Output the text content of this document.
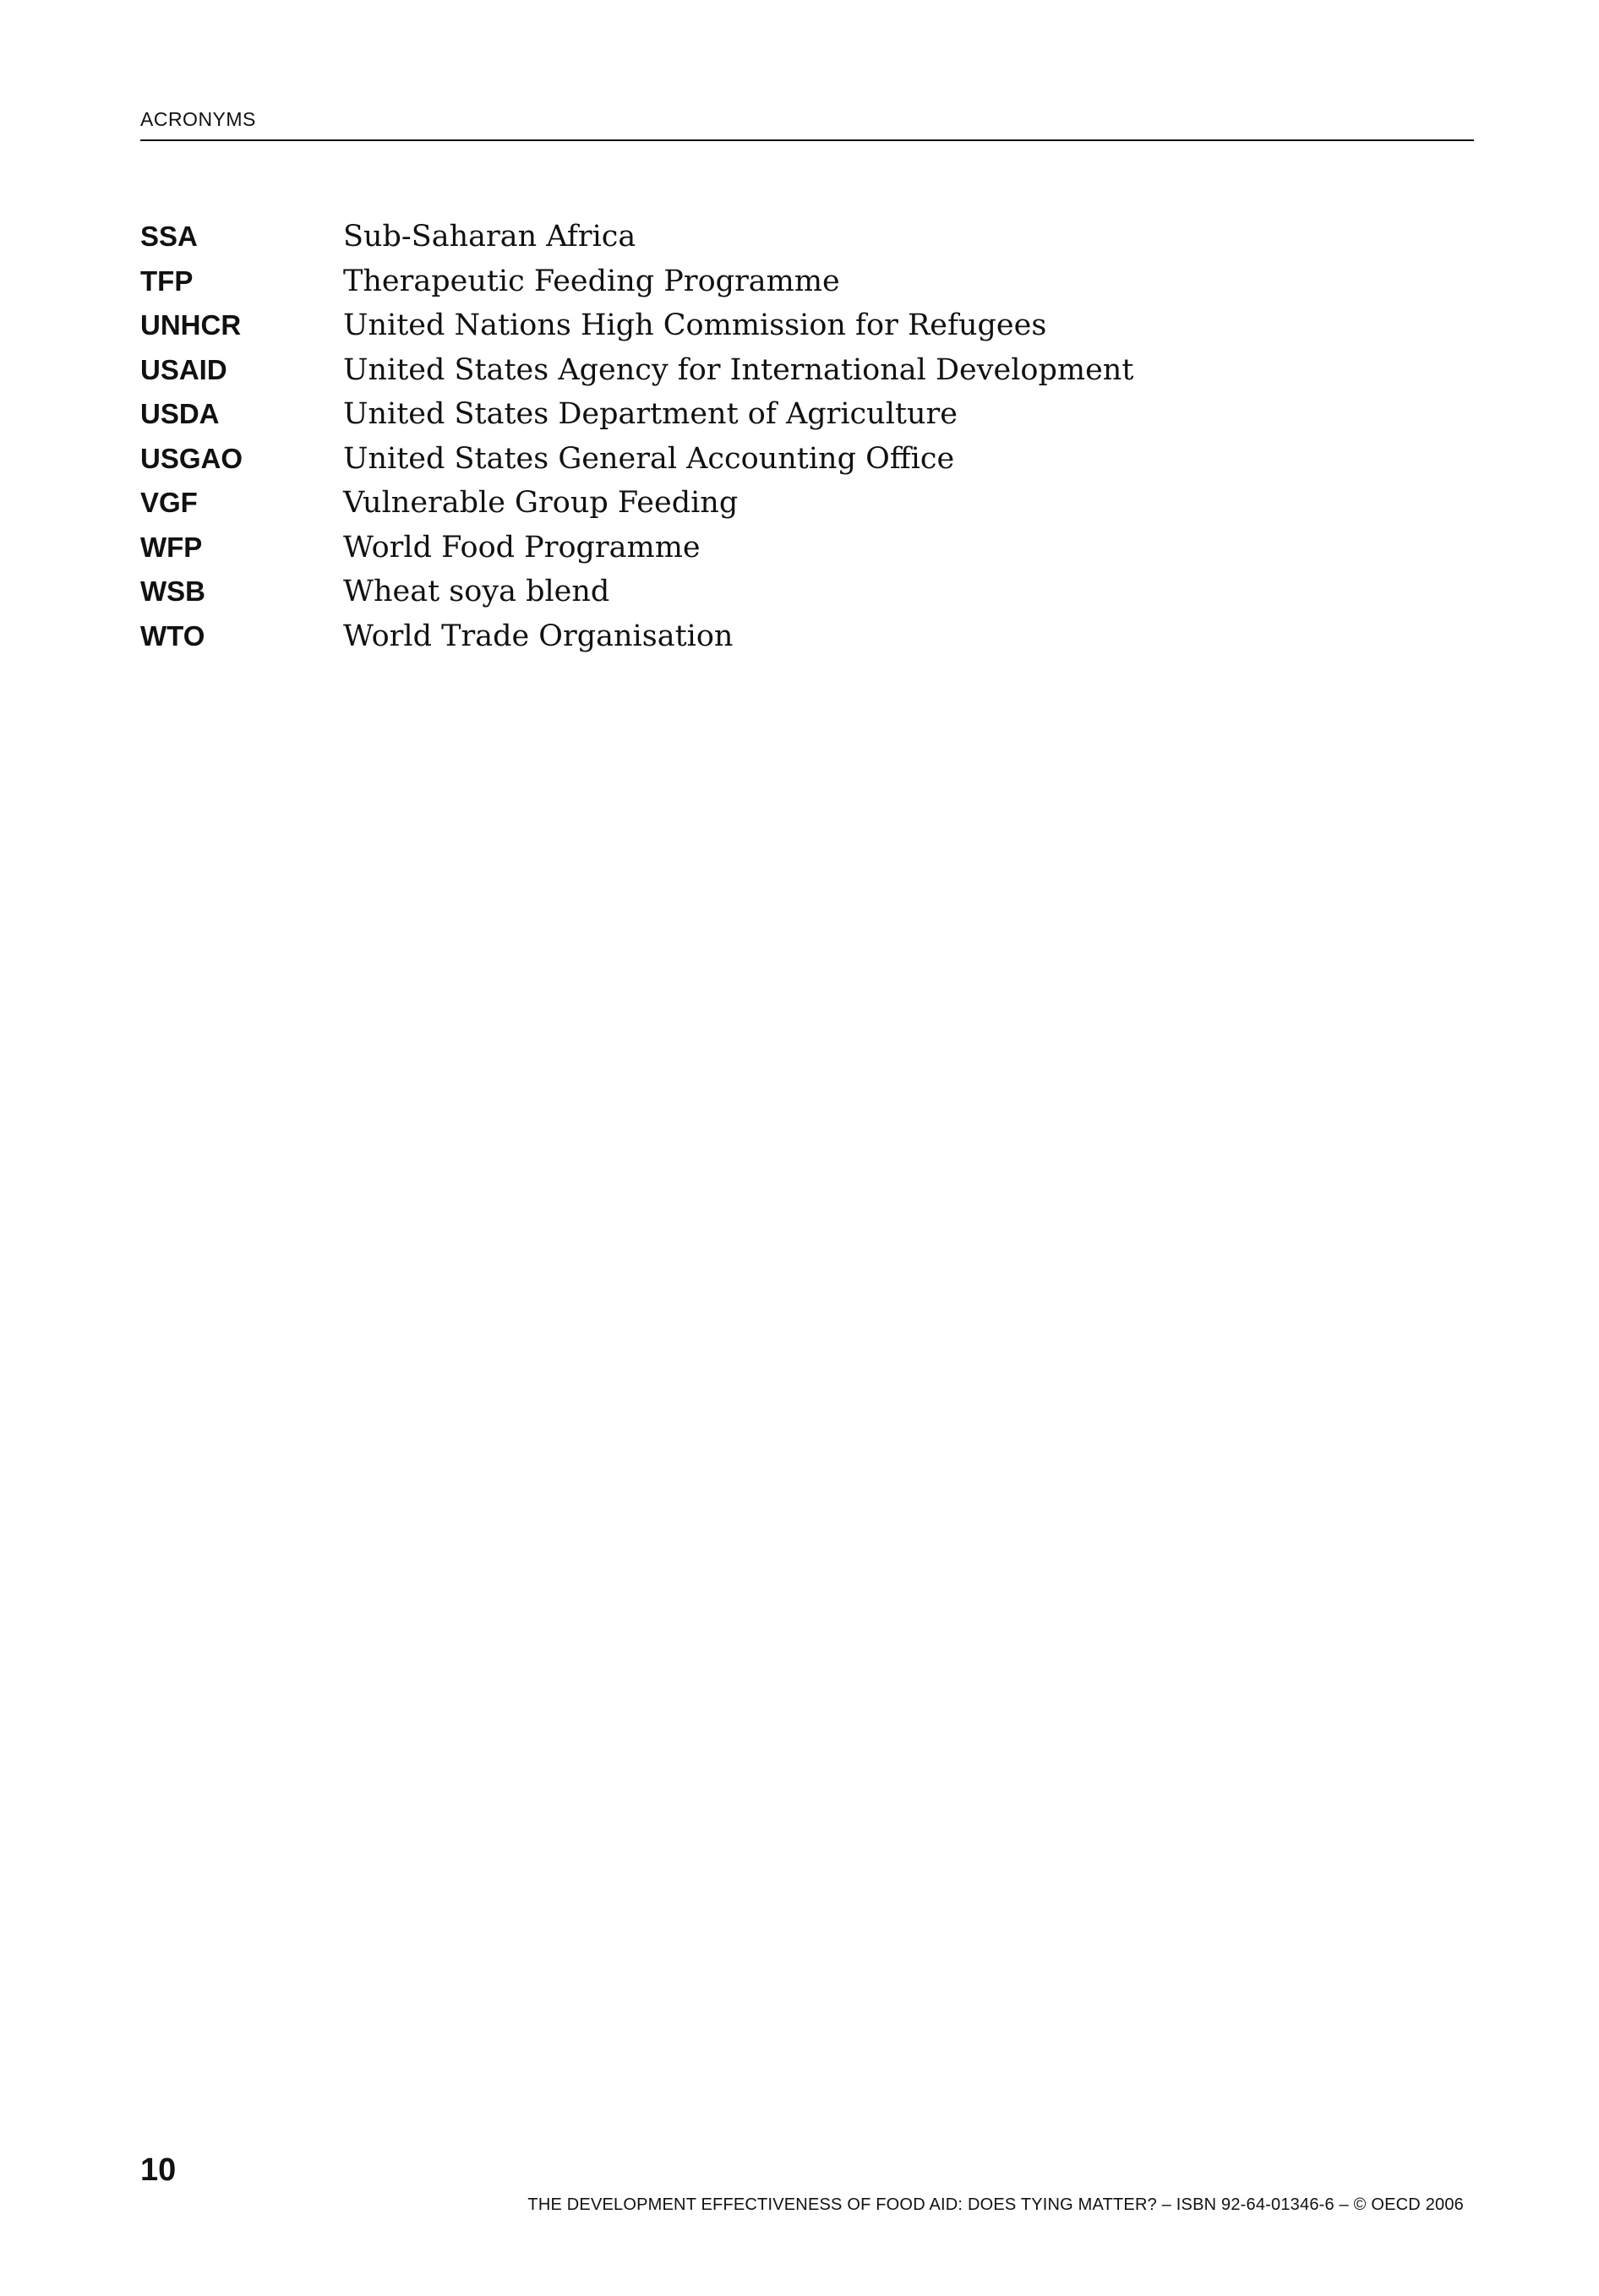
ACRONYMS
SSA	Sub-Saharan Africa
TFP	Therapeutic Feeding Programme
UNHCR	United Nations High Commission for Refugees
USAID	United States Agency for International Development
USDA	United States Department of Agriculture
USGAO	United States General Accounting Office
VGF	Vulnerable Group Feeding
WFP	World Food Programme
WSB	Wheat soya blend
WTO	World Trade Organisation
10
THE DEVELOPMENT EFFECTIVENESS OF FOOD AID: DOES TYING MATTER? – ISBN 92-64-01346-6 – © OECD 2006
